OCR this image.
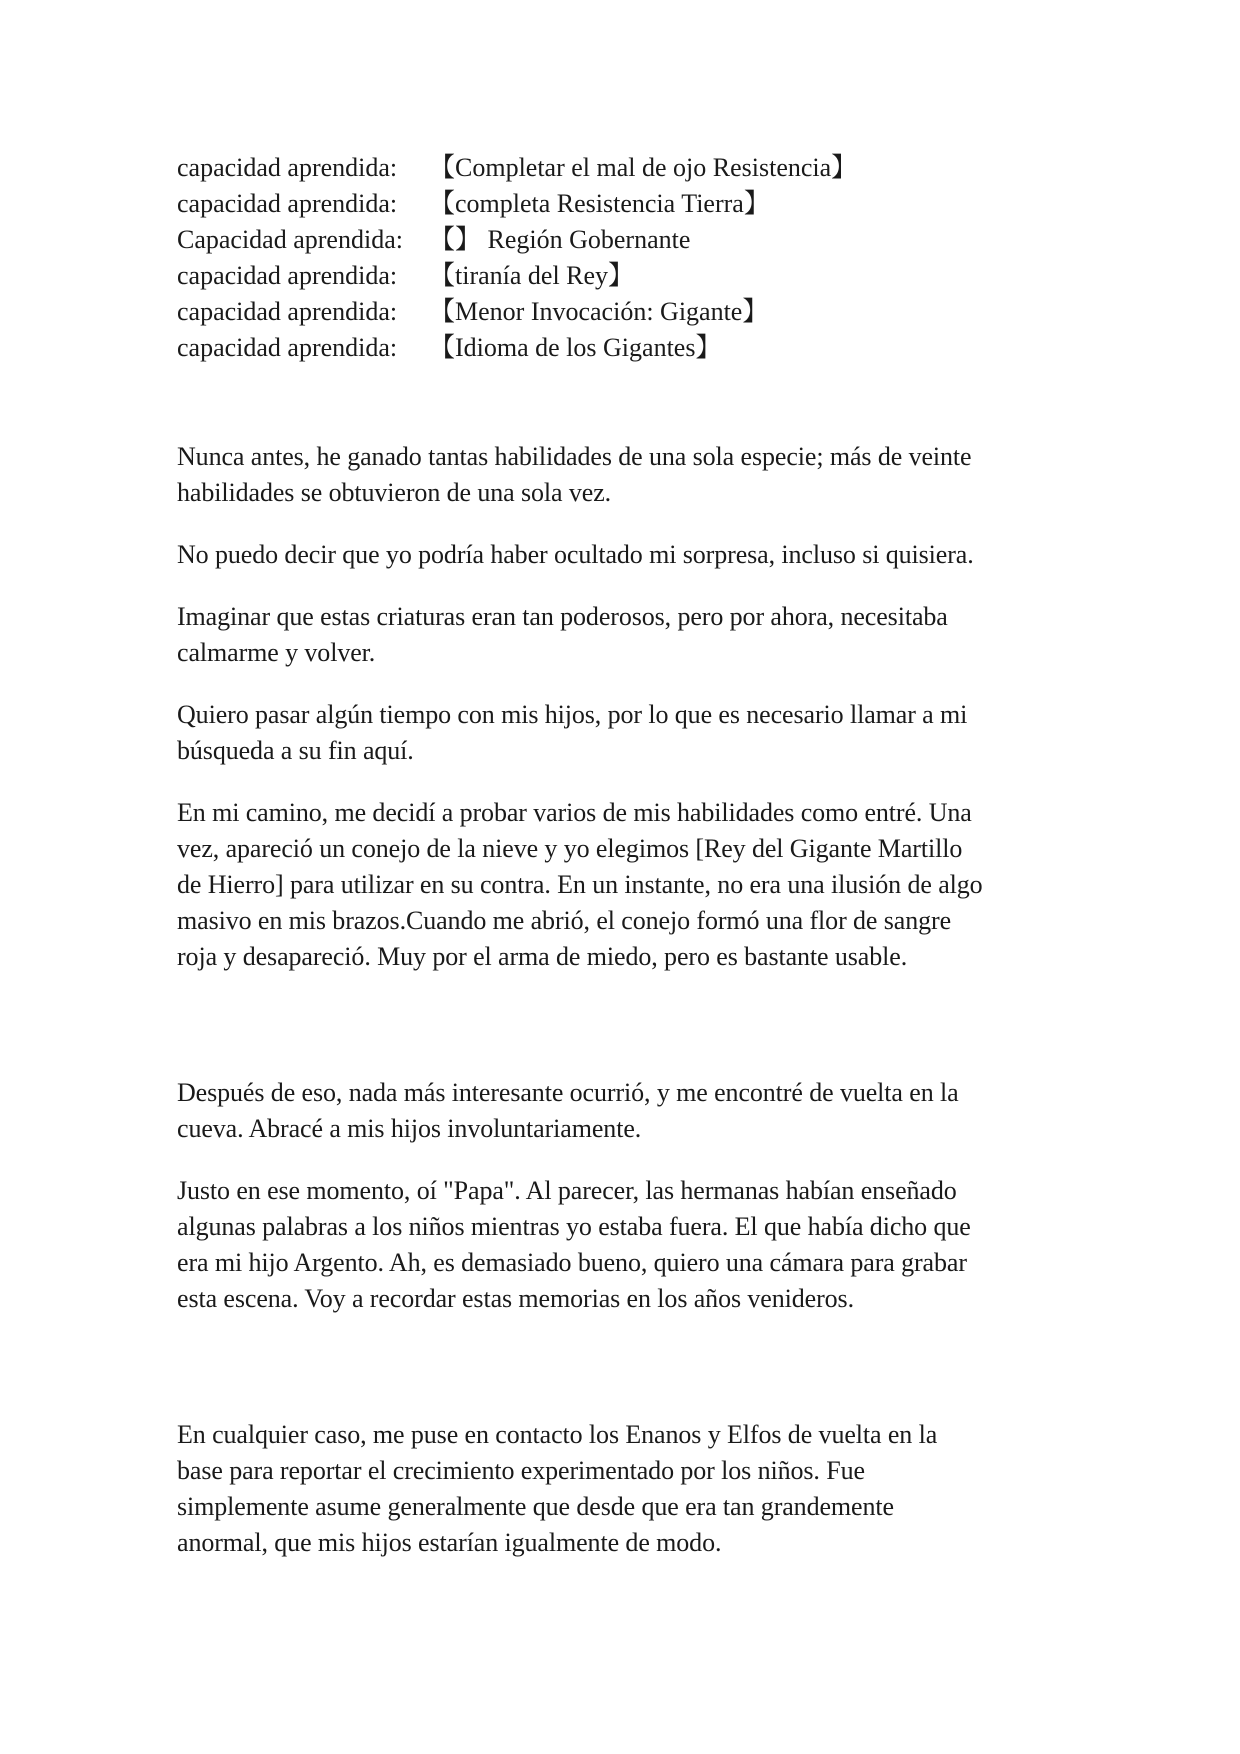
capacidad aprendida: 【Completar el mal de ojo Resistencia】
capacidad aprendida: 【completa Resistencia Tierra】
Capacidad aprendida: 【】 Región Gobernante
capacidad aprendida: 【tiranía del Rey】
capacidad aprendida: 【Menor Invocación: Gigante】
capacidad aprendida: 【Idioma de los Gigantes】
Nunca antes, he ganado tantas habilidades de una sola especie; más de veinte
habilidades se obtuvieron de una sola vez.
No puedo decir que yo podría haber ocultado mi sorpresa, incluso si quisiera.
Imaginar que estas criaturas eran tan poderosos, pero por ahora, necesitaba
calmarme y volver.
Quiero pasar algún tiempo con mis hijos, por lo que es necesario llamar a mi
búsqueda a su fin aquí.
En mi camino, me decidí a probar varios de mis habilidades como entré. Una
vez, apareció un conejo de la nieve y yo elegimos [Rey del Gigante Martillo
de Hierro] para utilizar en su contra. En un instante, no era una ilusión de algo
masivo en mis brazos.Cuando me abrió, el conejo formó una flor de sangre
roja y desapareció. Muy por el arma de miedo, pero es bastante usable.
Después de eso, nada más interesante ocurrió, y me encontré de vuelta en la
cueva. Abracé a mis hijos involuntariamente.
Justo en ese momento, oí "Papa". Al parecer, las hermanas habían enseñado
algunas palabras a los niños mientras yo estaba fuera. El que había dicho que
era mi hijo Argento. Ah, es demasiado bueno, quiero una cámara para grabar
esta escena. Voy a recordar estas memorias en los años venideros.
En cualquier caso, me puse en contacto los Enanos y Elfos de vuelta en la
base para reportar el crecimiento experimentado por los niños. Fue
simplemente asume generalmente que desde que era tan grandemente
anormal, que mis hijos estarían igualmente de modo.
